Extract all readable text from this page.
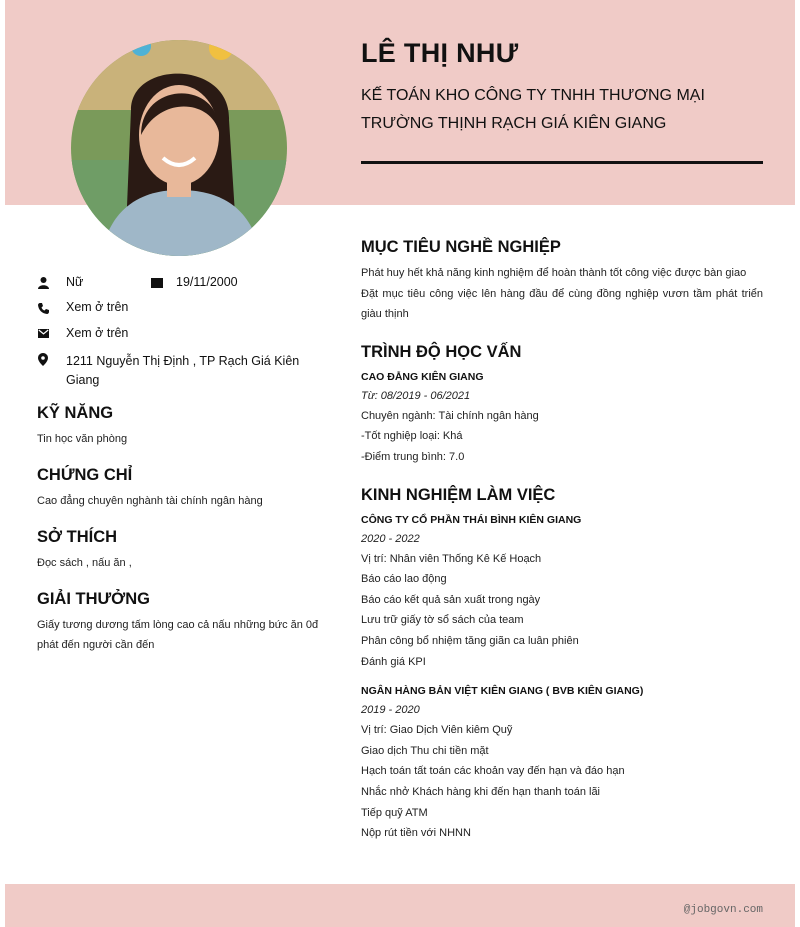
LÊ THỊ NHƯ
KẾ TOÁN KHO CÔNG TY TNHH THƯƠNG MẠI TRƯỜNG THỊNH RẠCH GIÁ KIÊN GIANG
Nữ	19/11/2000
Xem ở trên
Xem ở trên
1211 Nguyễn Thị Định , TP Rạch Giá Kiên Giang
KỸ NĂNG
Tin học văn phòng
CHỨNG CHỈ
Cao đẳng chuyên nghành tài chính ngân hàng
SỞ THÍCH
Đọc sách , nấu ăn ,
GIẢI THƯỞNG
Giấy tương dương tấm lòng cao cả nấu những bức ăn 0đ phát đến người cần đến
MỤC TIÊU NGHỀ NGHIỆP
Phát huy hết khả năng kinh nghiệm để hoàn thành tốt công việc được bàn giao
Đặt mục tiêu công việc lên hàng đầu để cùng đồng nghiệp vươn tầm phát triển giàu thịnh
TRÌNH ĐỘ HỌC VẤN
CAO ĐẲNG KIÊN GIANG
Từ: 08/2019 - 06/2021
Chuyên ngành: Tài chính ngân hàng
-Tốt nghiệp loại: Khá
-Điểm trung bình: 7.0
KINH NGHIỆM LÀM VIỆC
CÔNG TY CỔ PHẦN THÁI BÌNH KIÊN GIANG
2020 - 2022
Vị trí: Nhân viên Thống Kê Kế Hoạch
Báo cáo lao động
Báo cáo kết quả sản xuất trong ngày
Lưu trữ giấy tờ sổ sách của team
Phân công bổ nhiệm tăng giãn ca luân phiên
Đánh giá KPI
NGÂN HÀNG BẢN VIỆT KIÊN GIANG ( BVB KIÊN GIANG)
2019 - 2020
Vị trí: Giao Dịch Viên kiêm Quỹ
Giao dịch Thu chi tiền mặt
Hạch toán tất toán các khoản vay đến hạn và đáo hạn
Nhắc nhở Khách hàng khi đến hạn thanh toán lãi
Tiếp quỹ ATM
Nộp rút tiền với NHNN
@jobgovn.com
